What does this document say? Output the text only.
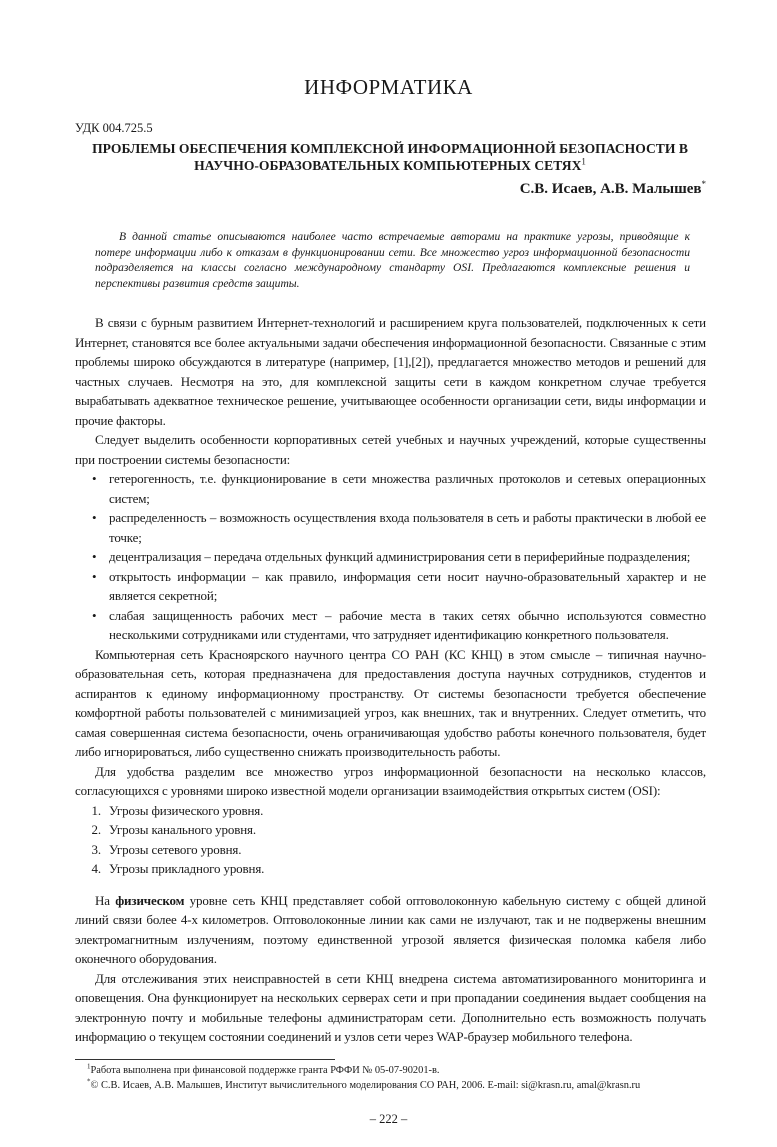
ИНФОРМАТИКА
УДК 004.725.5
ПРОБЛЕМЫ ОБЕСПЕЧЕНИЯ КОМПЛЕКСНОЙ ИНФОРМАЦИОННОЙ БЕЗОПАСНОСТИ В НАУЧНО-ОБРАЗОВАТЕЛЬНЫХ КОМПЬЮТЕРНЫХ СЕТЯХ$^1$
С.В. Исаев, А.В. Малышев*
В данной статье описываются наиболее часто встречаемые авторами на практике угрозы, приводящие к потере информации либо к отказам в функционировании сети. Все множество угроз информационной безопасности подразделяется на классы согласно международному стандарту OSI. Предлагаются комплексные решения и перспективы развития средств защиты.

В связи с бурным развитием Интернет-технологий и расширением круга пользователей, подключенных к сети Интернет, становятся все более актуальными задачи обеспечения информационной безопасности. Связанные с этим проблемы широко обсуждаются в литературе (например, [1],[2]), предлагается множество методов и решений для частных случаев. Несмотря на это, для комплексной защиты сети в каждом конкретном случае требуется вырабатывать адекватное техническое решение, учитывающее особенности организации сети, виды информации и прочие факторы.

Следует выделить особенности корпоративных сетей учебных и научных учреждений, которые существенны при построении системы безопасности:

• гетерогенность, т.е. функционирование в сети множества различных протоколов и сетевых операционных систем;
• распределенность – возможность осуществления входа пользователя в сеть и работы практически в любой ее точке;
• децентрализация – передача отдельных функций администрирования сети в периферийные подразделения;
• открытость информации – как правило, информация сети носит научно-образовательный характер и не является секретной;
• слабая защищенность рабочих мест – рабочие места в таких сетях обычно используются совместно несколькими сотрудниками или студентами, что затрудняет идентификацию конкретного пользователя.

Компьютерная сеть Красноярского научного центра СО РАН (КС КНЦ) в этом смысле – типичная научно-образовательная сеть, которая предназначена для предоставления доступа научных сотрудников, студентов и аспирантов к единому информационному пространству. От системы безопасности требуется обеспечение комфортной работы пользователей с минимизацией угроз, как внешних, так и внутренних. Следует отметить, что самая совершенная система безопасности, очень ограничивающая удобство работы конечного пользователя, будет либо игнорироваться, либо существенно снижать производительность работы.

Для удобства разделим все множество угроз информационной безопасности на несколько классов, согласующихся с уровнями широко известной модели организации взаимодействия открытых систем (OSI):

1. Угрозы физического уровня.
2. Угрозы канального уровня.
3. Угрозы сетевого уровня.
4. Угрозы прикладного уровня.

На физическом уровне сеть КНЦ представляет собой оптоволоконную кабельную систему с общей длиной линий связи более 4-х километров. Оптоволоконные линии как сами не излучают, так и не подвержены внешним электромагнитным излучениям, поэтому единственной угрозой является физическая поломка кабеля либо оконечного оборудования.

Для отслеживания этих неисправностей в сети КНЦ внедрена система автоматизированного мониторинга и оповещения. Она функционирует на нескольких серверах сети и при пропадании соединения выдает сообщения на электронную почту и мобильные телефоны администраторам сети. Дополнительно есть возможность получать информацию о текущем состоянии соединений и узлов сети через WAP-браузер мобильного телефона.

$^1$Работа выполнена при финансовой поддержке гранта РФФИ № 05-07-90201-в.

*© С.В. Исаев, А.В. Малышев, Институт вычислительного моделирования СО РАН, 2006. E-mail: si@krasn.ru, amal@krasn.ru

– 222 –
